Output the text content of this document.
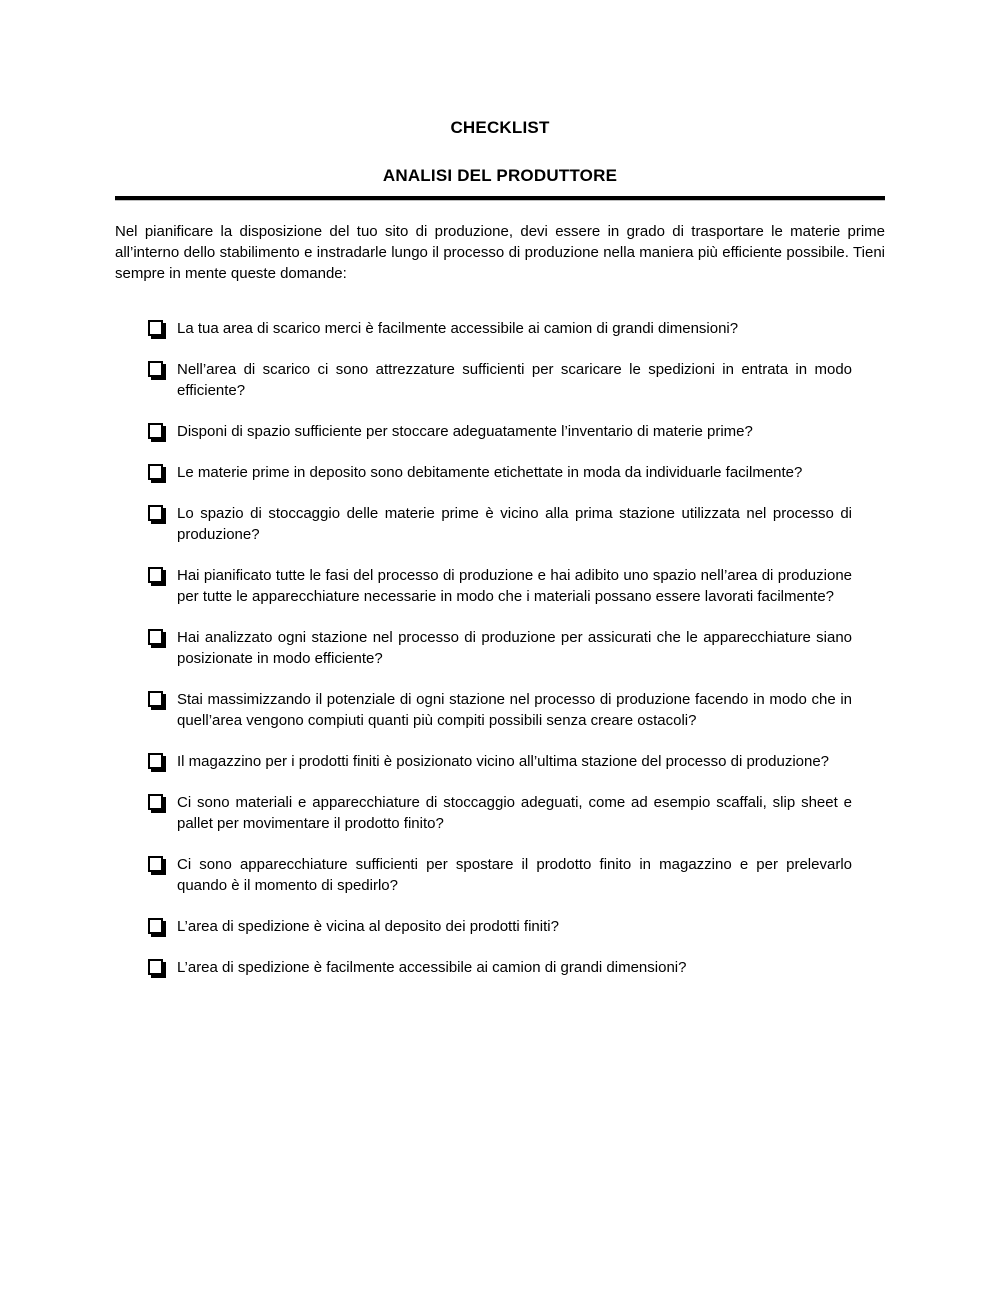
CHECKLIST
ANALISI DEL PRODUTTORE

Nel pianificare la disposizione del tuo sito di produzione, devi essere in grado di trasportare le materie prime all’interno dello stabilimento e instradarle lungo il processo di produzione nella maniera più efficiente possibile. Tieni sempre in mente queste domande:

La tua area di scarico merci è facilmente accessibile ai camion di grandi dimensioni?
Nell’area di scarico ci sono attrezzature sufficienti per scaricare le spedizioni in entrata in modo efficiente?
Disponi di spazio sufficiente per stoccare adeguatamente l’inventario di materie prime?
Le materie prime in deposito sono debitamente etichettate in moda da individuarle facilmente?
Lo spazio di stoccaggio delle materie prime è vicino alla prima stazione utilizzata nel processo di produzione?
Hai pianificato tutte le fasi del processo di produzione e hai adibito uno spazio nell’area di produzione per tutte le apparecchiature necessarie in modo che i materiali possano essere lavorati facilmente?
Hai analizzato ogni stazione nel processo di produzione per assicurati che le apparecchiature siano posizionate in modo efficiente?
Stai massimizzando il potenziale di ogni stazione nel processo di produzione facendo in modo che in quell’area vengono compiuti quanti più compiti possibili senza creare ostacoli?
Il magazzino per i prodotti finiti è posizionato vicino all’ultima stazione del processo di produzione?
Ci sono materiali e apparecchiature di stoccaggio adeguati, come ad esempio scaffali, slip sheet e pallet per movimentare il prodotto finito?
Ci sono apparecchiature sufficienti per spostare il prodotto finito in magazzino e per prelevarlo quando è il momento di spedirlo?
L’area di spedizione è vicina al deposito dei prodotti finiti?
L’area di spedizione è facilmente accessibile ai camion di grandi dimensioni?
